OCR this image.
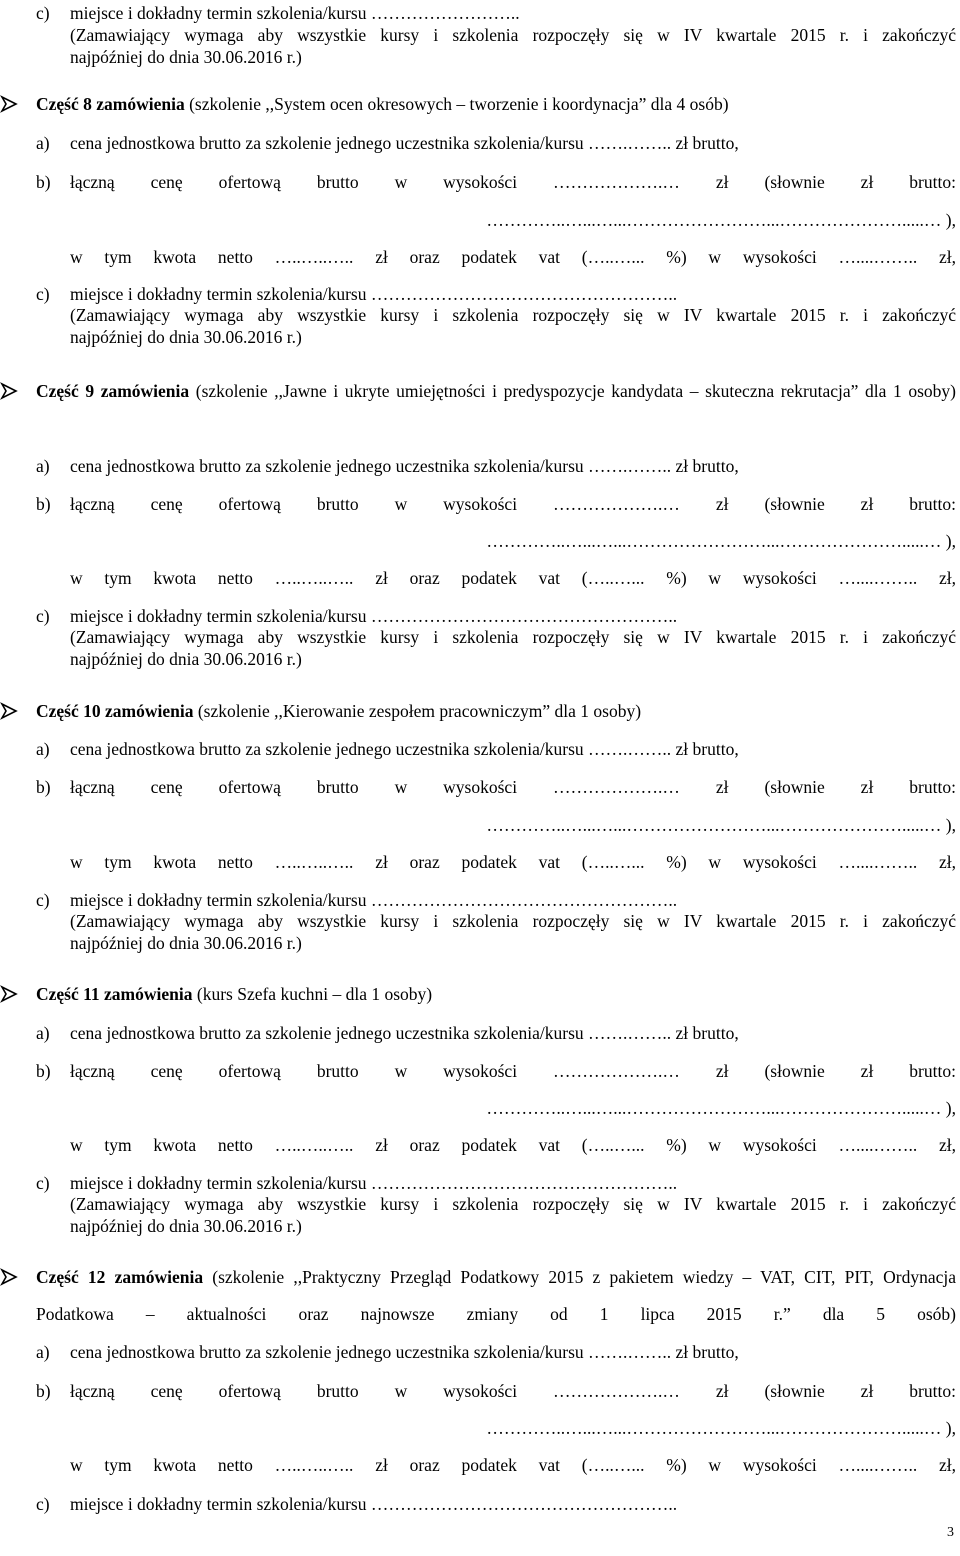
c) miejsce i dokładny termin szkolenia/kursu ……………………..
(Zamawiający wymaga aby wszystkie kursy i szkolenia rozpoczęły się w IV kwartale 2015 r. i zakończyć
najpóźniej do dnia 30.06.2016 r.)
Część 8 zamówienia (szkolenie ,,System ocen okresowych – tworzenie i koordynacja” dla 4 osób)
a) cena jednostkowa brutto za szkolenie jednego uczestnika szkolenia/kursu …….…….. zł brutto,
b) łączną cenę ofertową brutto w wysokości ……………….… zł (słownie zł brutto:
…………..…...…...……………………...………………….....… ),
w tym kwota netto …..…..….. zł oraz podatek vat (…..…... %) w wysokości …....…….. zł,
c) miejsce i dokładny termin szkolenia/kursu ……………………………………………..
(Zamawiający wymaga aby wszystkie kursy i szkolenia rozpoczęły się w IV kwartale 2015 r. i zakończyć
najpóźniej do dnia 30.06.2016 r.)
Część 9 zamówienia (szkolenie ,,Jawne i ukryte umiejętności i predyspozycje kandydata – skuteczna rekrutacja” dla 1 osoby)
a) cena jednostkowa brutto za szkolenie jednego uczestnika szkolenia/kursu …….…….. zł brutto,
b) łączną cenę ofertową brutto w wysokości ……………….… zł (słownie zł brutto:
…………..…...…...……………………...………………….....… ),
w tym kwota netto …..…..….. zł oraz podatek vat (…..…... %) w wysokości …....…….. zł,
c) miejsce i dokładny termin szkolenia/kursu ……………………………………………..
(Zamawiający wymaga aby wszystkie kursy i szkolenia rozpoczęły się w IV kwartale 2015 r. i zakończyć
najpóźniej do dnia 30.06.2016 r.)
Część 10 zamówienia (szkolenie ,,Kierowanie zespołem pracowniczym” dla 1 osoby)
a) cena jednostkowa brutto za szkolenie jednego uczestnika szkolenia/kursu …….…….. zł brutto,
b) łączną cenę ofertową brutto w wysokości ……………….… zł (słownie zł brutto:
…………..…...…...……………………...………………….....… ),
w tym kwota netto …..…..….. zł oraz podatek vat (…..…... %) w wysokości …....…….. zł,
c) miejsce i dokładny termin szkolenia/kursu ……………………………………………..
(Zamawiający wymaga aby wszystkie kursy i szkolenia rozpoczęły się w IV kwartale 2015 r. i zakończyć
najpóźniej do dnia 30.06.2016 r.)
Część 11 zamówienia (kurs Szefa kuchni – dla 1 osoby)
a) cena jednostkowa brutto za szkolenie jednego uczestnika szkolenia/kursu …….…….. zł brutto,
b) łączną cenę ofertową brutto w wysokości ……………….… zł (słownie zł brutto:
…………..…...…...……………………...………………….....… ),
w tym kwota netto …..…..….. zł oraz podatek vat (…..…... %) w wysokości …....…….. zł,
c) miejsce i dokładny termin szkolenia/kursu ……………………………………………..
(Zamawiający wymaga aby wszystkie kursy i szkolenia rozpoczęły się w IV kwartale 2015 r. i zakończyć
najpóźniej do dnia 30.06.2016 r.)
Część 12 zamówienia (szkolenie ,,Praktyczny Przegląd Podatkowy 2015 z pakietem wiedzy – VAT, CIT, PIT, Ordynacja Podatkowa – aktualności oraz najnowsze zmiany od 1 lipca 2015 r.” dla 5 osób)
a) cena jednostkowa brutto za szkolenie jednego uczestnika szkolenia/kursu …….…….. zł brutto,
b) łączną cenę ofertową brutto w wysokości ……………….… zł (słownie zł brutto:
…………..…...…...……………………...………………….....… ),
w tym kwota netto …..…..….. zł oraz podatek vat (…..…... %) w wysokości …....…….. zł,
c) miejsce i dokładny termin szkolenia/kursu ……………………………………………..
3
